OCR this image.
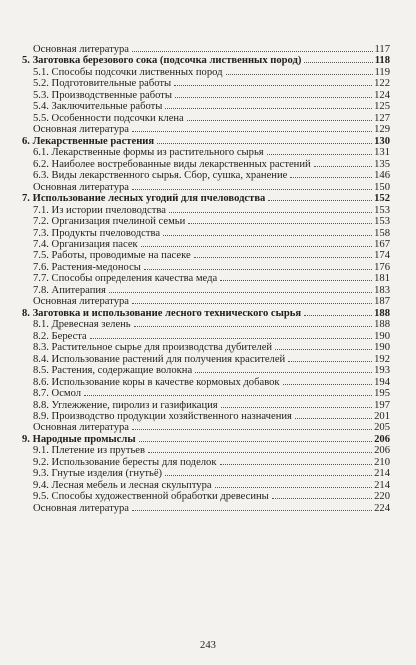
Основная литература	117
5. Заготовка березового сока (подсочка лиственных пород)	118
5.1. Способы подсочки лиственных пород	119
5.2. Подготовительные работы	122
5.3. Производственные работы	124
5.4. Заключительные работы	125
5.5. Особенности подсочки клена	127
Основная литература	129
6. Лекарственные растения	130
6.1. Лекарственные формы из растительного сырья	131
6.2. Наиболее востребованные виды лекарственных растений	135
6.3. Виды лекарственного сырья. Сбор, сушка, хранение	146
Основная литература	150
7. Использование лесных угодий для пчеловодства	152
7.1. Из истории пчеловодства	153
7.2. Организация пчелиной семьи	153
7.3. Продукты пчеловодства	158
7.4. Организация пасек	167
7.5. Работы, проводимые на пасеке	174
7.6. Растения-медоносы	176
7.7. Способы определения качества меда	181
7.8. Апитерапия	183
Основная литература	187
8. Заготовка и использование лесного технического сырья	188
8.1. Древесная зелень	188
8.2. Береста	190
8.3. Растительное сырье для производства дубителей	190
8.4. Использование растений для получения красителей	192
8.5. Растения, содержащие волокна	193
8.6. Использование коры в качестве кормовых добавок	194
8.7. Осмол	195
8.8. Углежжение, пиролиз и газификация	197
8.9. Производство продукции хозяйственного назначения	201
Основная литература	205
9. Народные промыслы	206
9.1. Плетение из прутьев	206
9.2. Использование бересты для поделок	210
9.3. Гнутые изделия (гнутьё)	214
9.4. Лесная мебель и лесная скульптура	214
9.5. Способы художественной обработки древесины	220
Основная литература	224
243
